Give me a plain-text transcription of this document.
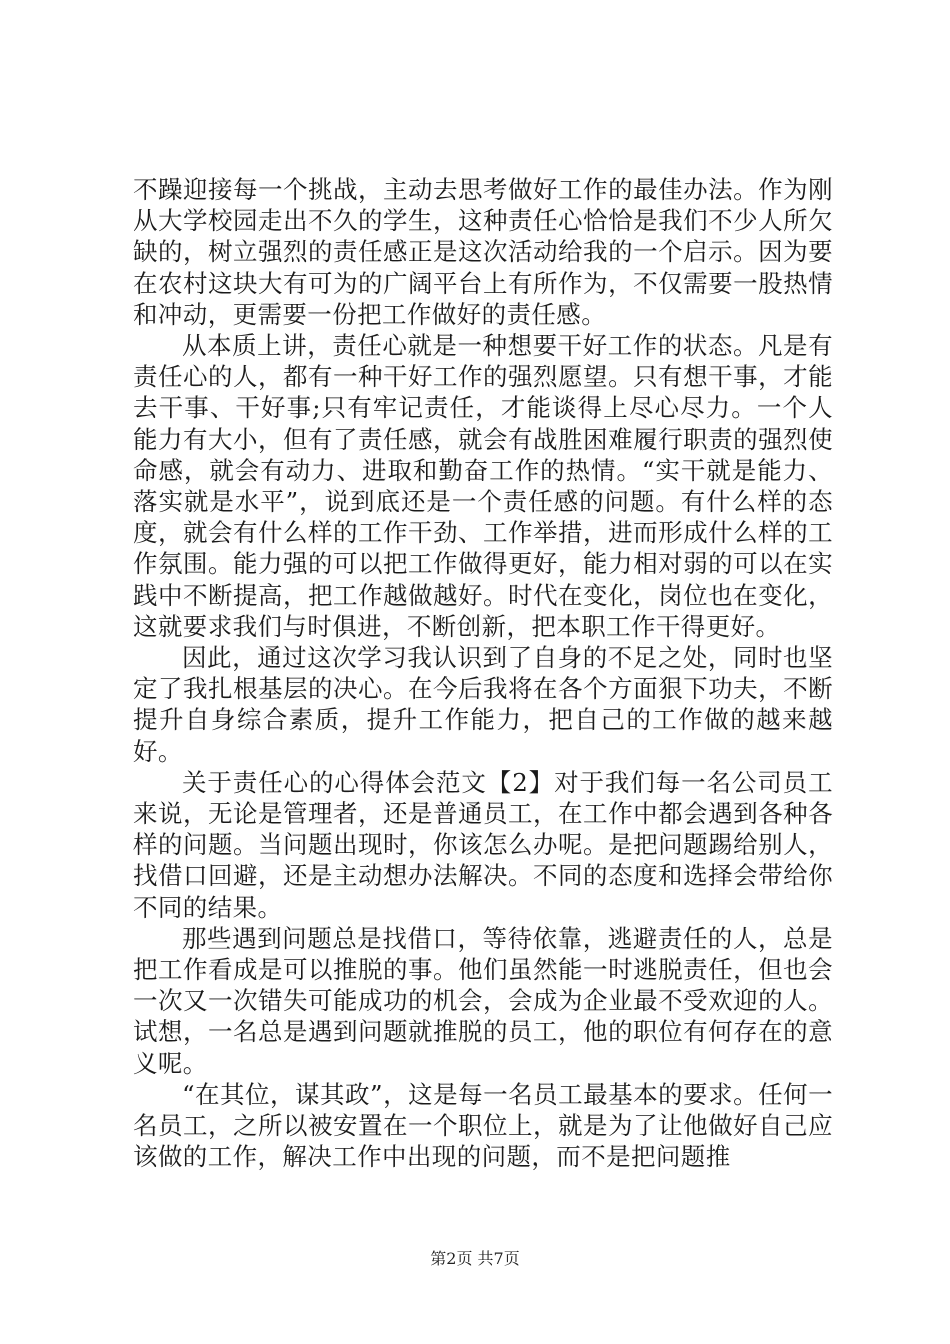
不躁迎接每一个挑战，主动去思考做好工作的最佳办法。作为刚从大学校园走出不久的学生，这种责任心恰恰是我们不少人所欠缺的，树立强烈的责任感正是这次活动给我的一个启示。因为要在农村这块大有可为的广阔平台上有所作为，不仅需要一股热情和冲动，更需要一份把工作做好的责任感。

从本质上讲，责任心就是一种想要干好工作的状态。凡是有责任心的人，都有一种干好工作的强烈愿望。只有想干事，才能去干事、干好事;只有牢记责任，才能谈得上尽心尽力。一个人能力有大小，但有了责任感，就会有战胜困难履行职责的强烈使命感，就会有动力、进取和勤奋工作的热情。“实干就是能力、落实就是水平”，说到底还是一个责任感的问题。有什么样的态度，就会有什么样的工作干劲、工作举措，进而形成什么样的工作氛围。能力强的可以把工作做得更好，能力相对弱的可以在实践中不断提高，把工作越做越好。时代在变化，岗位也在变化，这就要求我们与时俱进，不断创新，把本职工作干得更好。

因此，通过这次学习我认识到了自身的不足之处，同时也坚定了我扎根基层的决心。在今后我将在各个方面狠下功夫，不断提升自身综合素质，提升工作能力，把自己的工作做的越来越好。

关于责任心的心得体会范文【2】对于我们每一名公司员工来说，无论是管理者，还是普通员工，在工作中都会遇到各种各样的问题。当问题出现时，你该怎么办呢。是把问题踢给别人，找借口回避，还是主动想办法解决。不同的态度和选择会带给你不同的结果。

那些遇到问题总是找借口，等待依靠，逃避责任的人，总是把工作看成是可以推脱的事。他们虽然能一时逃脱责任，但也会一次又一次错失可能成功的机会，会成为企业最不受欢迎的人。试想，一名总是遇到问题就推脱的员工，他的职位有何存在的意义呢。

“在其位，谋其政”，这是每一名员工最基本的要求。任何一名员工，之所以被安置在一个职位上，就是为了让他做好自己应该做的工作，解决工作中出现的问题，而不是把问题推

第2页 共7页
